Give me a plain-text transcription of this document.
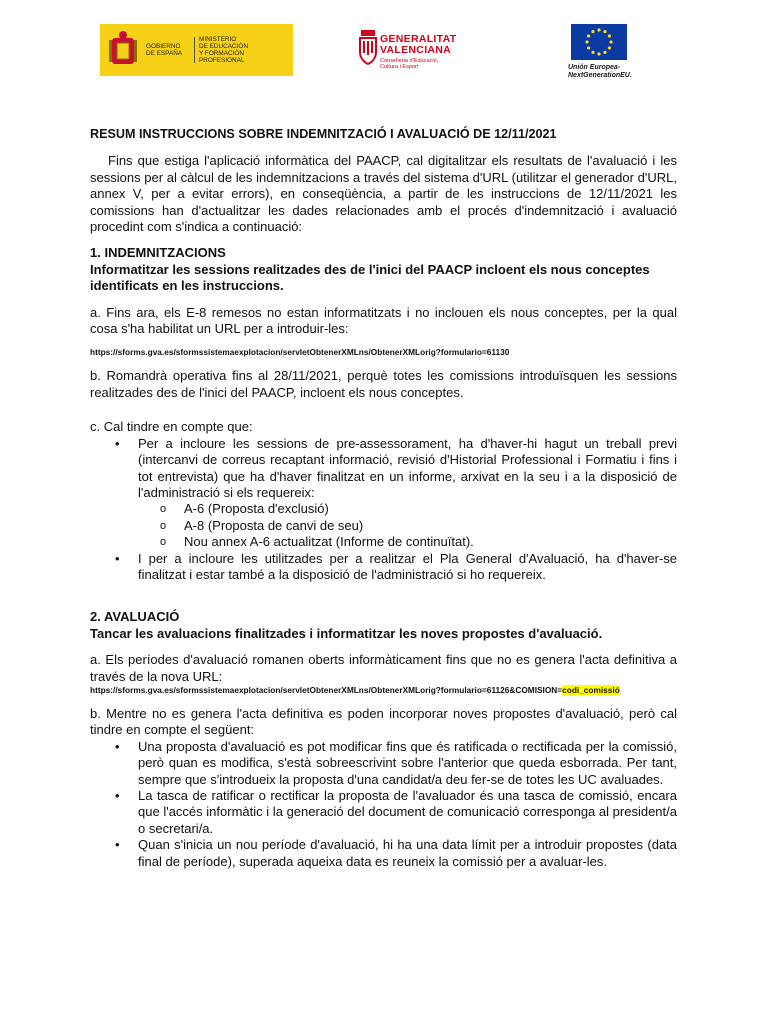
GOBIERNO
DE ESPAÑA
MINISTERIO
DE EDUCACIÓN
Y FORMACIÓN PROFESIONAL
GENERALITAT
VALENCIANA
Conselleria d'Educació,
Cultura i Esport	Unión Europea-
NextGenerationEU.
RESUM INSTRUCCIONS SOBRE INDEMNITZACIÓ I AVALUACIÓ DE 12/11/2021

Fins que estiga l'aplicació informàtica del PAACP, cal digitalitzar els resultats de l'avaluació i les sessions per al càlcul de les indemnitzacions a través del sistema d'URL (utilitzar el generador d'URL, annex V, per a evitar errors), en conseqüència, a partir de les instruccions de 12/11/2021 les comissions han d'actualitzar les dades relacionades amb el procés d'indemnització i avaluació procedint com s'indica a continuació:

1. INDEMNITZACIONS
Informatitzar les sessions realitzades des de l'inici del PAACP incloent els nous conceptes identificats en les instruccions.

a. Fins ara, els E-8 remesos no estan informatitzats i no inclouen els nous conceptes, per la qual cosa s'ha habilitat un URL per a introduir-les:

https://sforms.gva.es/sformssistemaexplotacion/servletObtenerXMLns/ObtenerXMLorig?formulario=61130

b. Romandrà operativa fins al 28/11/2021, perquè totes les comissions introduïsquen les sessions realitzades des de l'inici del PAACP, incloent els nous conceptes.

c. Cal tindre en compte que:

• Per a incloure les sessions de pre-assessorament, ha d'haver-hi hagut un treball previ (intercanvi de correus recaptant informació, revisió d'Historial Professional i Formatiu i fins i tot entrevista) que ha d'haver finalitzat en un informe, arxivat en la seu i a la disposició de l'administració si els requereix:
o A-6 (Proposta d'exclusió)
o A-8 (Proposta de canvi de seu)
o Nou annex A-6 actualitzat (Informe de continuïtat).
• I per a incloure les utilitzades per a realitzar el Pla General d'Avaluació, ha d'haver-se finalitzat i estar també a la disposició de l'administració si ho requereix.
2. AVALUACIÓ
Tancar les avaluacions finalitzades i informatitzar les noves propostes d'avaluació.

a. Els períodes d'avaluació romanen oberts informàticament fins que no es genera l'acta definitiva a través de la nova URL:

https://sforms.gva.es/sformssistemaexplotacion/servletObtenerXMLns/ObtenerXMLorig?formulario=61126&COMISION=codi_comissió

b. Mentre no es genera l'acta definitiva es poden incorporar noves propostes d'avaluació, però cal tindre en compte el següent:

• Una proposta d'avaluació es pot modificar fins que és ratificada o rectificada per la comissió, però quan es modifica, s'està sobreescrivint sobre l'anterior que queda esborrada. Per tant, sempre que s'introdueix la proposta d'una candidat/a deu fer-se de totes les UC avaluades.
• La tasca de ratificar o rectificar la proposta de l'avaluador és una tasca de comissió, encara que l'accés informàtic i la generació del document de comunicació corresponga al president/a o secretari/a.
• Quan s'inicia un nou període d'avaluació, hi ha una data límit per a introduir propostes (data final de període), superada aqueixa data es reuneix la comissió per a avaluar-les.
